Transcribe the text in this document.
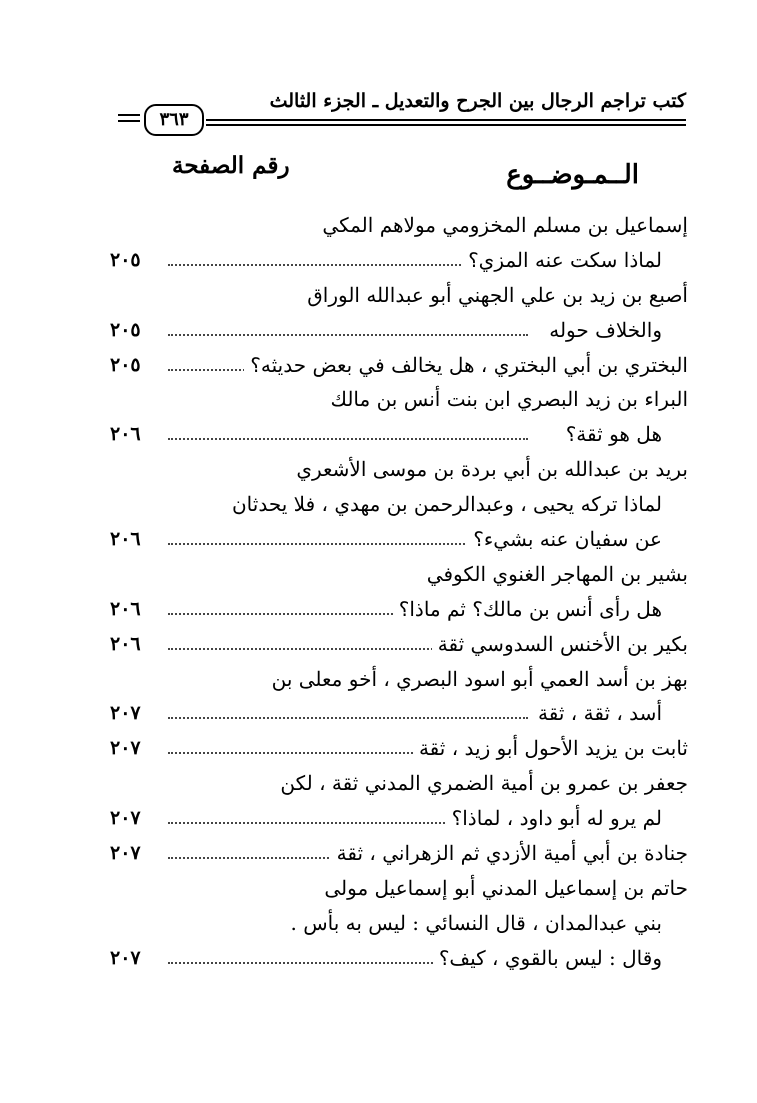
كتب تراجم الرجال بين الجرح والتعديل ـ الجزء الثالث
٣٦٣
الــمـوضــوع
رقم الصفحة
إسماعيل بن مسلم المخزومي مولاهم المكي
لماذا سكت عنه المزي؟
٢٠٥
أصبع بن زيد بن علي الجهني أبو عبدالله الوراق
والخلاف حوله
٢٠٥
البختري بن أبي البختري ، هل يخالف في بعض حديثه؟
٢٠٥
البراء بن زيد البصري ابن بنت أنس بن مالك
هل هو ثقة؟
٢٠٦
بريد بن عبدالله بن أبي بردة بن موسى الأشعري
لماذا تركه يحيى ، وعبدالرحمن بن مهدي ، فلا يحدثان
عن سفيان عنه بشيء؟
٢٠٦
بشير بن المهاجر الغنوي الكوفي
هل رأى أنس بن مالك؟ ثم ماذا؟
٢٠٦
بكير بن الأخنس السدوسي ثقة
٢٠٦
بهز بن أسد العمي أبو اسود البصري ، أخو معلى بن
أسد ، ثقة ، ثقة
٢٠٧
ثابت بن يزيد الأحول أبو زيد ، ثقة
٢٠٧
جعفر بن عمرو بن أمية الضمري المدني ثقة ، لكن
لم يرو له أبو داود ، لماذا؟
٢٠٧
جنادة بن أبي أمية الأزدي ثم الزهراني ، ثقة
٢٠٧
حاتم بن إسماعيل المدني أبو إسماعيل مولى
بني عبدالمدان ، قال النسائي : ليس به بأس .
وقال : ليس بالقوي ، كيف؟
٢٠٧
